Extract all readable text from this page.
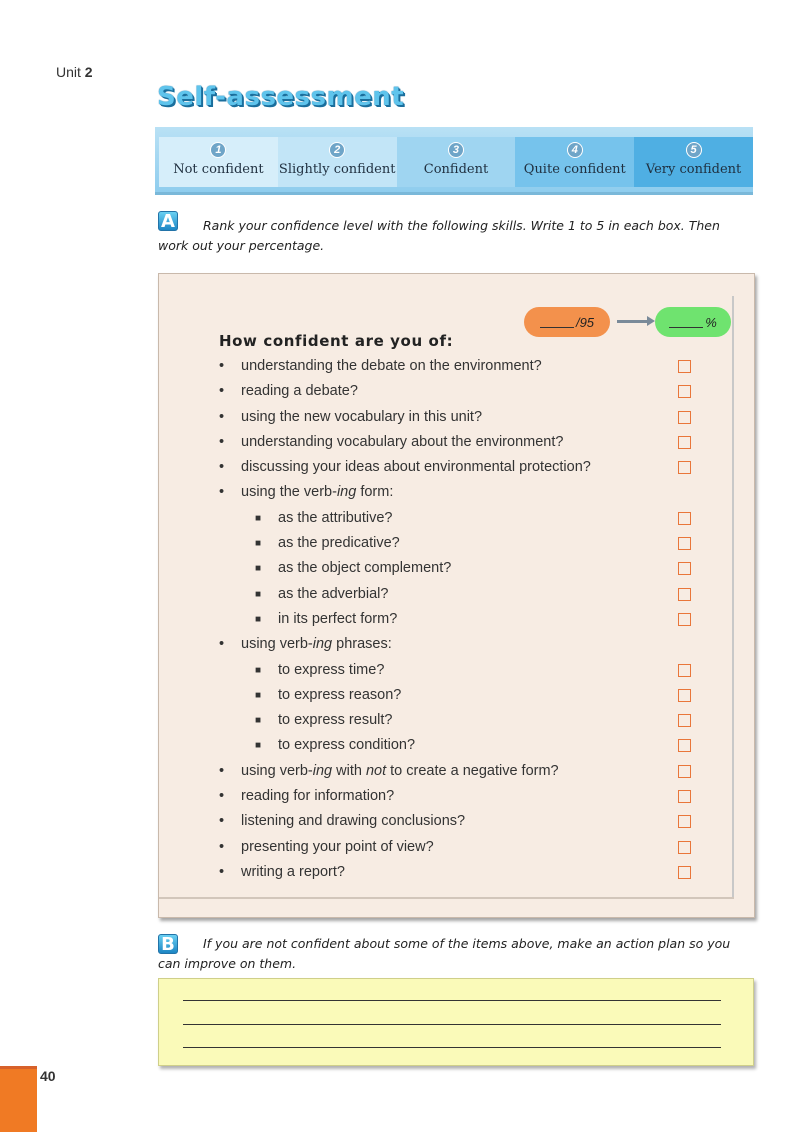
Unit 2
Self-assessment
1
Not confident
2
Slightly confident
3
Confident
4
Quite confident
5
Very confident
A	Rank your confidence level with the following skills. Write 1 to 5 in each box. Then work out your percentage.
/95	%
How confident are you of:
• understanding the debate on the environment?
• reading a debate?
• using the new vocabulary in this unit?
• understanding vocabulary about the environment?
• discussing your ideas about environmental protection?
• using the verb-ing form:
■ as the attributive?
■ as the predicative?
■ as the object complement?
■ as the adverbial?
■ in its perfect form?
• using verb-ing phrases:
■ to express time?
■ to express reason?
■ to express result?
■ to express condition?
• using verb-ing with not to create a negative form?
• reading for information?
• listening and drawing conclusions?
• presenting your point of view?
• writing a report?
B	If you are not confident about some of the items above, make an action plan so you can improve on them.
40
